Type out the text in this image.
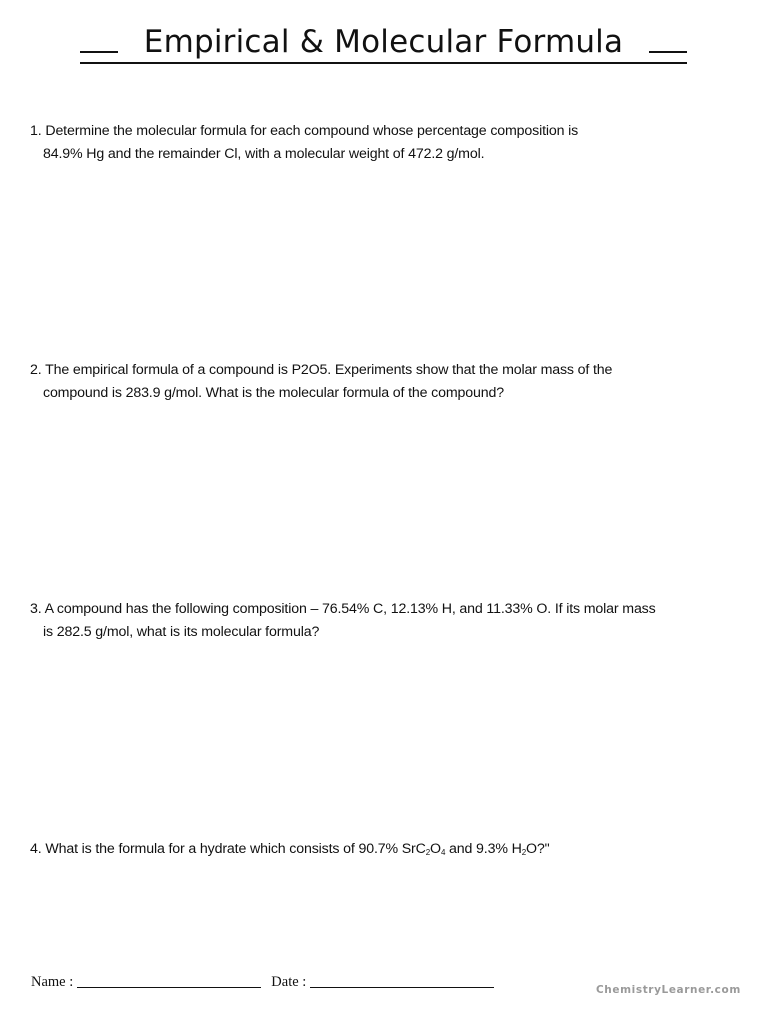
Empirical & Molecular Formula
1. Determine the molecular formula for each compound whose percentage composition is
84.9% Hg and the remainder Cl, with a molecular weight of 472.2 g/mol.
2. The empirical formula of a compound is P2O5. Experiments show that the molar mass of the
compound is 283.9 g/mol. What is the molecular formula of the compound?
3. A compound has the following composition – 76.54% C, 12.13% H, and 11.33% O. If its molar mass
is 282.5 g/mol, what is its molecular formula?
4. What is the formula for a hydrate which consists of 90.7% $SrC_2O_4$ and 9.3% $H_2O$?"
Name :	Date :	ChemistryLearner.com
